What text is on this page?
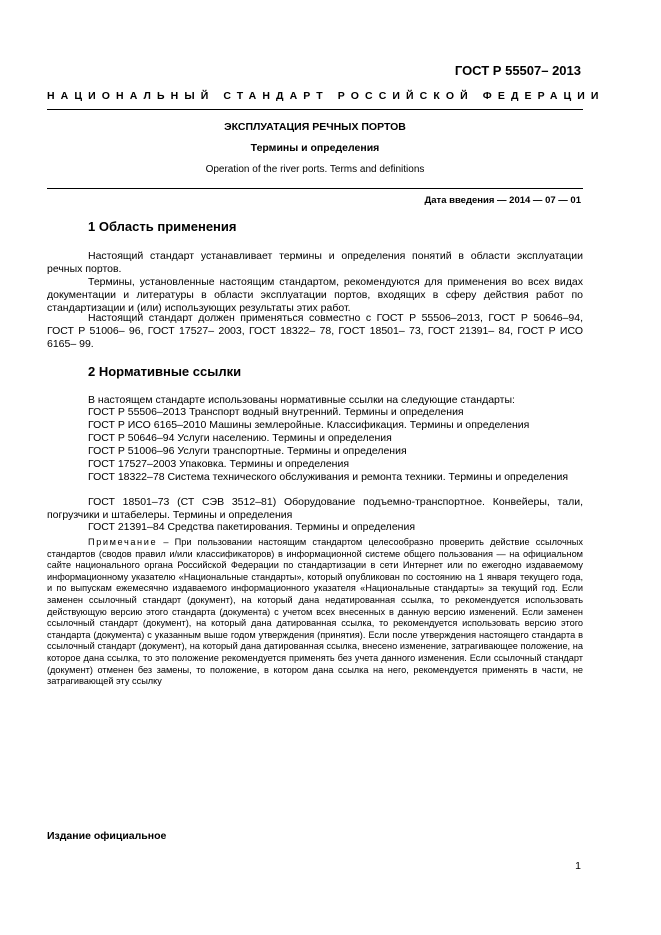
ГОСТ Р 55507– 2013
НАЦИОНАЛЬНЫЙ СТАНДАРТ РОССИЙСКОЙ ФЕДЕРАЦИИ
ЭКСПЛУАТАЦИЯ РЕЧНЫХ ПОРТОВ
Термины и определения
Operation of the river ports. Terms and definitions
Дата введения — 2014 — 07 — 01
1 Область применения
Настоящий стандарт устанавливает термины и определения понятий в области эксплуатации речных портов.
Термины, установленные настоящим стандартом, рекомендуются для применения во всех видах документации и литературы в области эксплуатации портов, входящих в сферу действия работ по стандартизации и (или) использующих результаты этих работ.
Настоящий стандарт должен применяться совместно с ГОСТ Р 55506–2013, ГОСТ Р 50646–94, ГОСТ Р 51006– 96, ГОСТ 17527– 2003, ГОСТ 18322– 78, ГОСТ 18501– 73, ГОСТ 21391– 84, ГОСТ Р ИСО 6165– 99.
2 Нормативные ссылки
В настоящем стандарте использованы нормативные ссылки на следующие стандарты:
ГОСТ Р 55506–2013 Транспорт водный внутренний. Термины и определения
ГОСТ Р ИСО 6165–2010 Машины землеройные. Классификация. Термины и определения
ГОСТ Р 50646–94 Услуги населению. Термины и определения
ГОСТ Р 51006–96 Услуги транспортные. Термины и определения
ГОСТ 17527–2003 Упаковка. Термины и определения
ГОСТ 18322–78 Система технического обслуживания и ремонта техники. Термины и определения
ГОСТ 18501–73 (СТ СЭВ 3512–81) Оборудование подъемно-транспортное. Конвейеры, тали, погрузчики и штабелеры. Термины и определения
ГОСТ 21391–84 Средства пакетирования. Термины и определения
Примечание – При пользовании настоящим стандартом целесообразно проверить действие ссылочных стандартов (сводов правил и/или классификаторов) в информационной системе общего пользования — на официальном сайте национального органа Российской Федерации по стандартизации в сети Интернет или по ежегодно издаваемому информационному указателю «Национальные стандарты», который опубликован по состоянию на 1 января текущего года, и по выпускам ежемесячно издаваемого информационного указателя «Национальные стандарты» за текущий год. Если заменен ссылочный стандарт (документ), на который дана недатированная ссылка, то рекомендуется использовать действующую версию этого стандарта (документа) с учетом всех внесенных в данную версию изменений. Если заменен ссылочный стандарт (документ), на который дана датированная ссылка, то рекомендуется использовать версию этого стандарта (документа) с указанным выше годом утверждения (принятия). Если после утверждения настоящего стандарта в ссылочный стандарт (документ), на который дана датированная ссылка, внесено изменение, затрагивающее положение, на которое дана ссылка, то это положение рекомендуется применять без учета данного изменения. Если ссылочный стандарт (документ) отменен без замены, то положение, в котором дана ссылка на него, рекомендуется применять в части, не затрагивающей эту ссылку
Издание официальное
1
